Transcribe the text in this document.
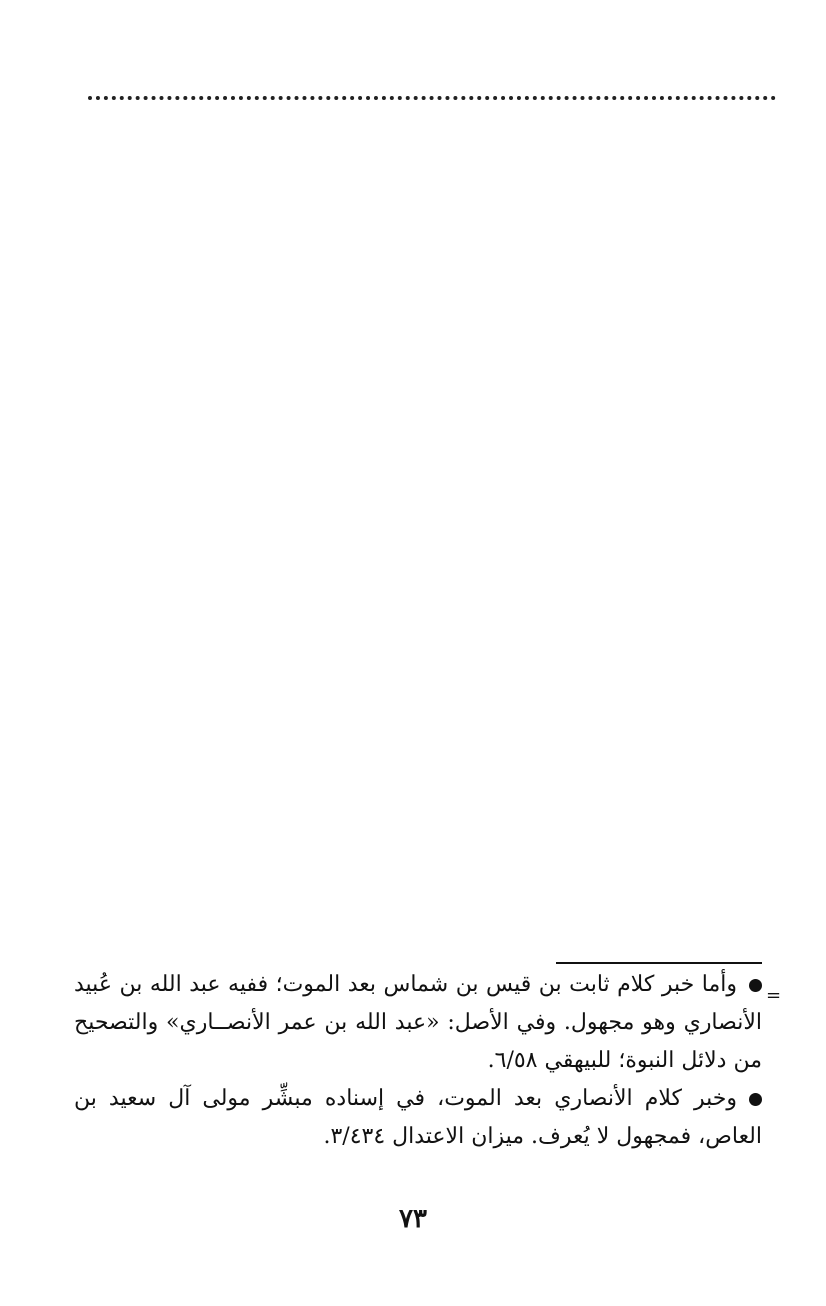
=

وأما خبر كلام ثابت بن قيس بن شماس بعد الموت؛ ففيه عبد الله بن عُبيد الأنصاري وهو مجهول. وفي الأصل: «عبد الله بن عمر الأنصــاري» والتصحيح من دلائل النبوة؛ للبيهقي ٦/٥٨.

وخبر كلام الأنصاري بعد الموت، في إسناده مبشِّر مولى آل سعيد بن العاص، فمجهول لا يُعرف. ميزان الاعتدال ٣/٤٣٤.

٧٣
